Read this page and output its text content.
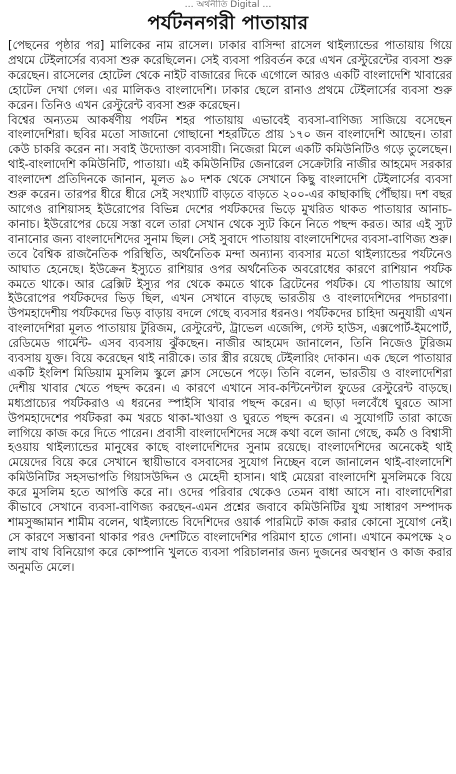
… অর্থনীতি Digital …
পর্যটননগরী পাতায়ার

[পেছনের পৃষ্ঠার পর] মালিকের নাম রাসেল। ঢাকার বাসিন্দা রাসেল থাইল্যান্ডের পাতায়ায় গিয়ে প্রথমে টেইলার্সের ব্যবসা শুরু করেছিলেন। সেই ব্যবসা পরিবর্তন করে এখন রেস্টুরেন্টের ব্যবসা শুরু করেছেন। রাসেলের হোটেল থেকে নাইট বাজারের দিকে এগোলে আরও একটি বাংলাদেশি খাবারের হোটেল দেখা গেল। এর মালিকও বাংলাদেশি। ঢাকার ছেলে রানাও প্রথমে টেইলার্সের ব্যবসা শুরু করেন। তিনিও এখন রেস্টুরেন্ট ব্যবসা শুরু করেছেন।

বিশ্বের অন্যতম আকর্ষণীয় পর্যটন শহর পাতায়ায় এভাবেই ব্যবসা-বাণিজ্য সাজিয়ে বসেছেন বাংলাদেশিরা। ছবির মতো সাজানো গোছানো শহরটিতে প্রায় ১৭০ জন বাংলাদেশি আছেন। তারা কেউ চাকরি করেন না। সবাই উদ্যোক্তা ব্যবসায়ী। নিজেরা মিলে একটি কমিউনিটিও গড়ে তুলেছেন। থাই-বাংলাদেশি কমিউনিটি, পাতায়া। এই কমিউনিটির জেনারেল সেক্রেটারি নাজীর আহমেদ সরকার বাংলাদেশ প্রতিদিনকে জানান, মূলত ৯০ দশক থেকে সেখানে কিছু বাংলাদেশি টেইলার্সের ব্যবসা শুরু করেন। তারপর ধীরে ধীরে সেই সংখ্যাটি বাড়তে বাড়তে ২০০-এর কাছাকাছি পৌঁছায়। দশ বছর আগেও রাশিয়াসহ ইউরোপের বিভিন্ন দেশের পর্যটকদের ভিড়ে মুখরিত থাকত পাতায়ার আনাচ-কানাচ। ইউরোপের চেয়ে সস্তা বলে তারা সেখান থেকে স্যুট কিনে নিতে পছন্দ করত। আর এই স্যুট বানানোর জন্য বাংলাদেশিদের সুনাম ছিল। সেই সুবাদে পাতায়ায় বাংলাদেশিদের ব্যবসা-বাণিজ্য শুরু। তবে বৈশ্বিক রাজনৈতিক পরিস্থিতি, অর্থনৈতিক মন্দা অন্যান্য ব্যবসার মতো থাইল্যান্ডের পর্যটনেও আঘাত হেনেছে। ইউক্রেন ইস্যুতে রাশিয়ার ওপর অর্থনৈতিক অবরোধের কারণে রাশিয়ান পর্যটক কমতে থাকে। আর ব্রেক্সিট ইস্যুর পর থেকে কমতে থাকে ব্রিটেনের পর্যটক। যে পাতায়ায় আগে ইউরোপের পর্যটকদের ভিড় ছিল, এখন সেখানে বাড়ছে ভারতীয় ও বাংলাদেশিদের পদচারণা। উপমহাদেশীয় পর্যটকদের ভিড় বাড়ায় বদলে গেছে ব্যবসার ধরনও। পর্যটকদের চাহিদা অনুযায়ী এখন বাংলাদেশিরা মূলত পাতায়ায় টুরিজম, রেস্টুরেন্ট, ট্রাভেল এজেন্সি, গেস্ট হাউস, এক্সপোর্ট-ইমপোর্ট, রেডিমেড গার্মেন্ট- এসব ব্যবসায় ঝুঁকছেন। নাজীর আহমেদ জানালেন, তিনি নিজেও টুরিজম ব্যবসায় যুক্ত। বিয়ে করেছেন থাই নারীকে। তার স্ত্রীর রয়েছে টেইলারিং দোকান। এক ছেলে পাতায়ার একটি ইংলিশ মিডিয়াম মুসলিম স্কুলে ক্লাস সেভেনে পড়ে। তিনি বলেন, ভারতীয় ও বাংলাদেশিরা দেশীয় খাবার খেতে পছন্দ করেন। এ কারণে এখানে সাব-কন্টিনেন্টাল ফুডের রেস্টুরেন্ট বাড়ছে। মধ্যপ্রাচ্যের পর্যটকরাও এ ধরনের স্পাইসি খাবার পছন্দ করেন। এ ছাড়া দলবেঁধে ঘুরতে আসা উপমহাদেশের পর্যটকরা কম খরচে থাকা-খাওয়া ও ঘুরতে পছন্দ করেন। এ সুযোগটি তারা কাজে লাগিয়ে কাজ করে দিতে পারেন। প্রবাসী বাংলাদেশিদের সঙ্গে কথা বলে জানা গেছে, কর্মঠ ও বিশ্বাসী হওয়ায় থাইল্যান্ডের মানুষের কাছে বাংলাদেশিদের সুনাম রয়েছে। বাংলাদেশিদের অনেকেই থাই মেয়েদের বিয়ে করে সেখানে স্থায়ীভাবে বসবাসের সুযোগ নিচ্ছেন বলে জানালেন থাই-বাংলাদেশি কমিউনিটির সহসভাপতি গিয়াসউদ্দিন ও মেহেদী হাসান। থাই মেয়েরা বাংলাদেশি মুসলিমকে বিয়ে করে মুসলিম হতে আপত্তি করে না। ওদের পরিবার থেকেও তেমন বাধা আসে না। বাংলাদেশিরা কীভাবে সেখানে ব্যবসা-বাণিজ্য করছেন-এমন প্রশ্নের জবাবে কমিউনিটির যুগ্ম সাধারণ সম্পাদক শামসুজ্জামান শামীম বলেন, থাইল্যান্ডে বিদেশিদের ওয়ার্ক পারমিটে কাজ করার কোনো সুযোগ নেই। সে কারণে সম্ভাবনা থাকার পরও দেশটিতে বাংলাদেশির পরিমাণ হাতে গোনা। এখানে কমপক্ষে ২০ লাখ বাথ বিনিয়োগ করে কোম্পানি খুলতে ব্যবসা পরিচালনার জন্য দুজনের অবস্থান ও কাজ করার অনুমতি মেলে।
